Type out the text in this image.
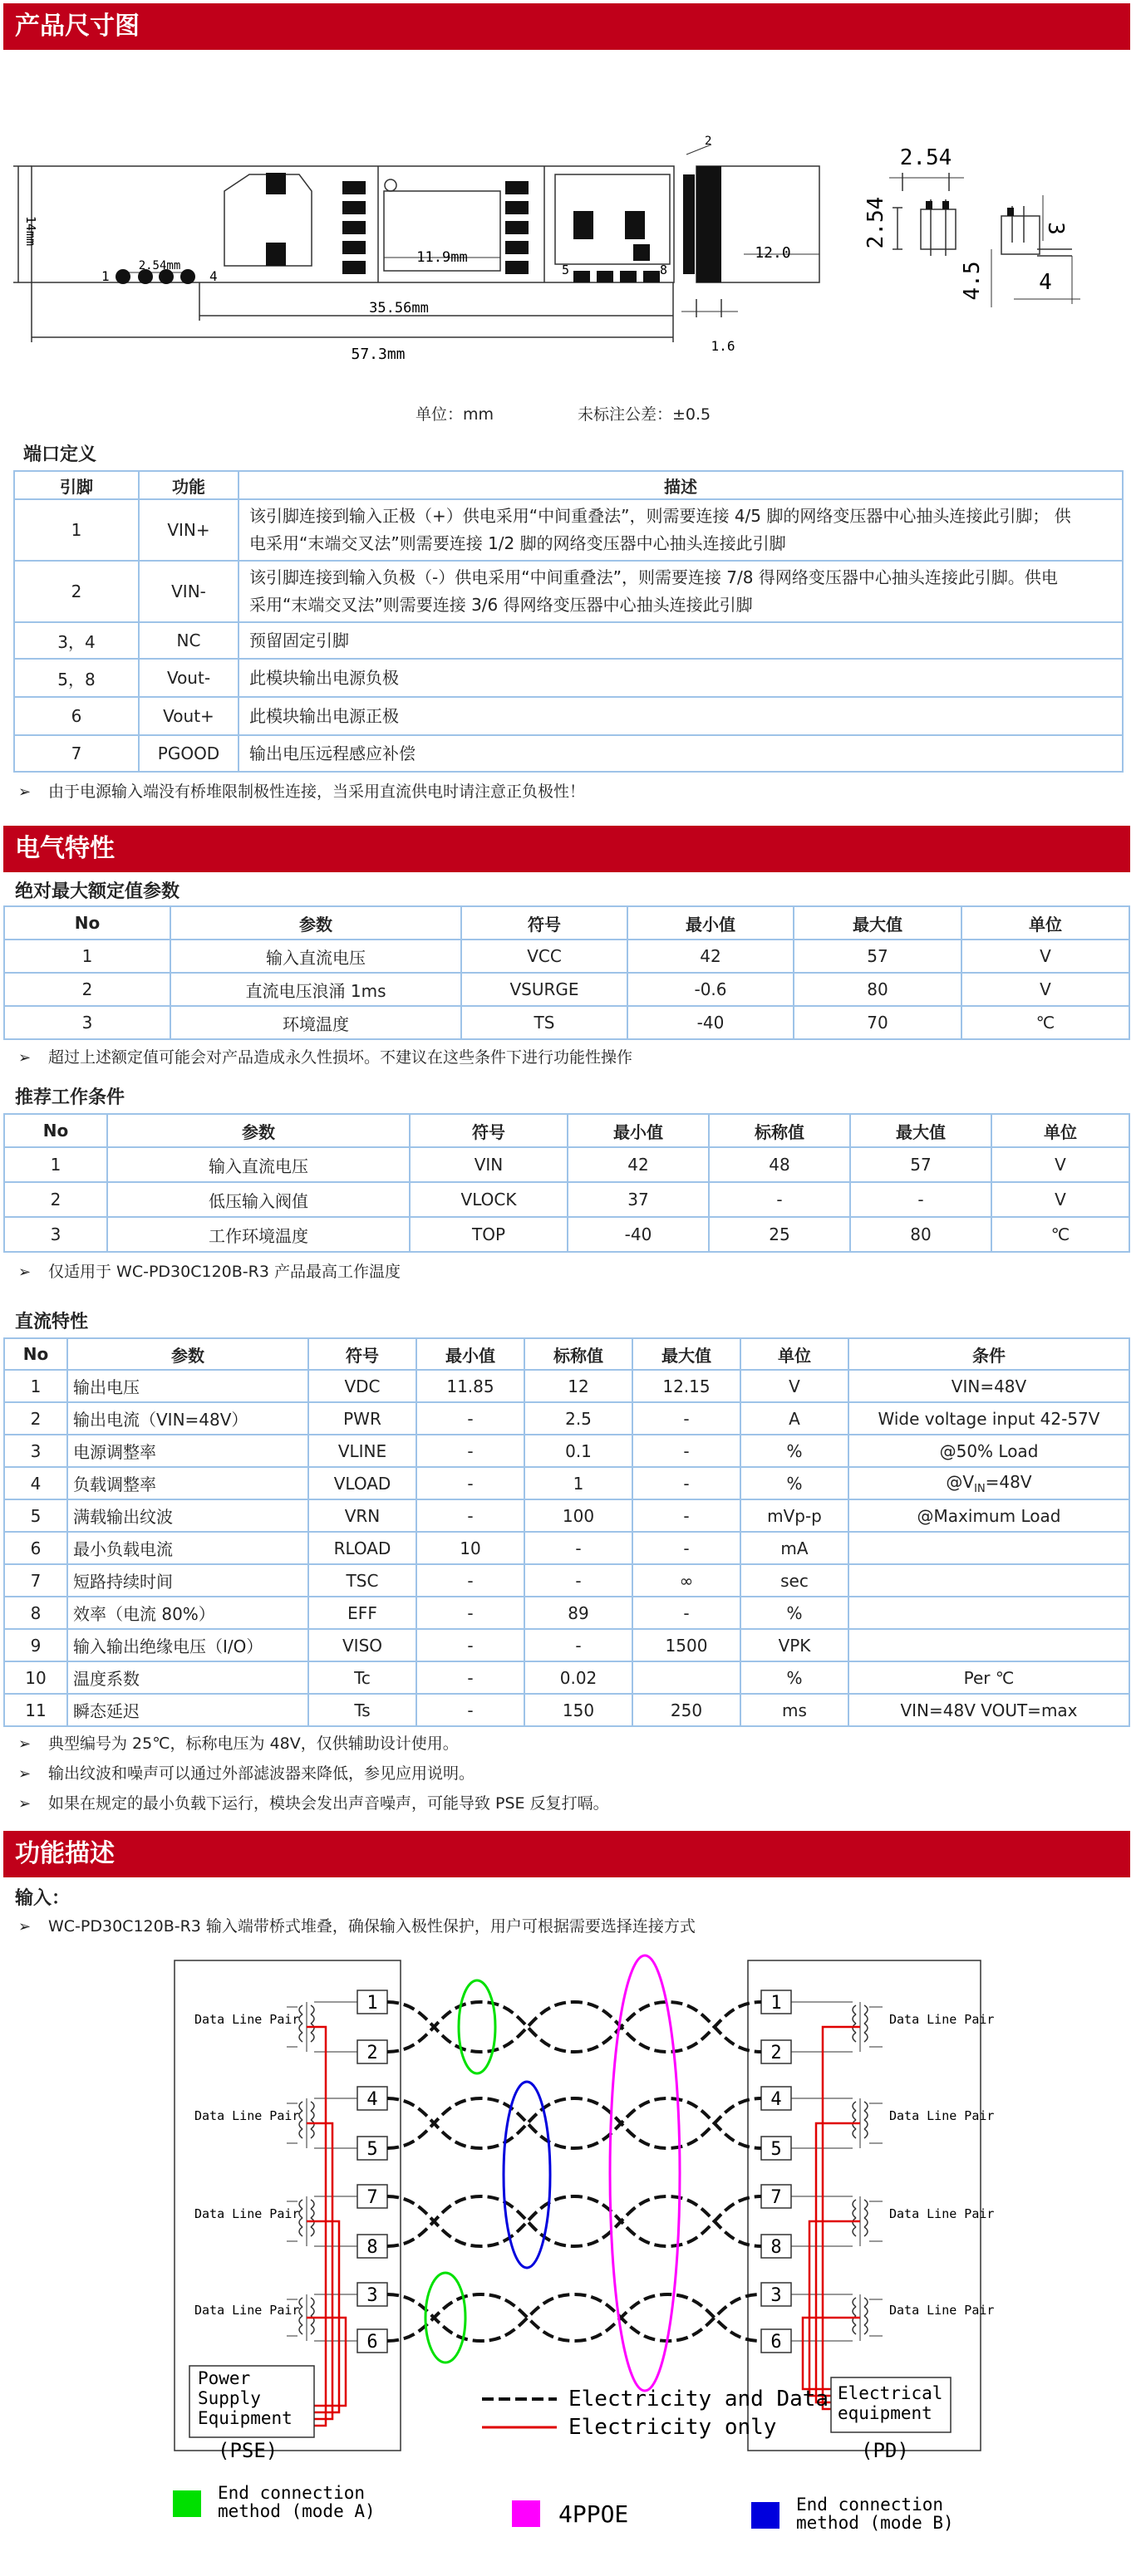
产品尺寸图
14mm
2.54mm
1	4
11.9mm
5	8
35.56mm
57.3mm
12.0
2
1.6
2.54
2.54	3
4.5	4
单位：mm	未标注公差：±0.5
端口定义
引脚	功能	描述
1	VIN+	该引脚连接到输入正极（+）供电采用“中间重叠法”，则需要连接 4/5 脚的网络变压器中心抽头连接此引脚； 供
电采用“末端交叉法”则需要连接 1/2 脚的网络变压器中心抽头连接此引脚

2	VIN-	该引脚连接到输入负极（-）供电采用“中间重叠法”，则需要连接 7/8 得网络变压器中心抽头连接此引脚。供电
采用“末端交叉法”则需要连接 3/6 得网络变压器中心抽头连接此引脚

3，4	NC	预留固定引脚
5，8	Vout-	此模块输出电源负极
6	Vout+	此模块输出电源正极
7	PGOOD	输出电压远程感应补偿
➢ 由于电源输入端没有桥堆限制极性连接，当采用直流供电时请注意正负极性！
电气特性
绝对最大额定值参数
No	参数	符号	最小值	最大值	单位
1	输入直流电压	VCC	42	57	V
2	直流电压浪涌 1ms	VSURGE	-0.6	80	V
3	环境温度	TS	-40	70	℃
➢ 超过上述额定值可能会对产品造成永久性损坏。不建议在这些条件下进行功能性操作
推荐工作条件
No	参数	符号	最小值	标称值	最大值	单位
1	输入直流电压	VIN	42	48	57	V
2	低压输入阀值	VLOCK	37	-	-	V
3	工作环境温度	TOP	-40	25	80	℃
➢ 仅适用于 WC-PD30C120B-R3 产品最高工作温度
直流特性
No	参数	符号	最小值	标称值	最大值	单位	条件
1	输出电压	VDC	11.85	12	12.15	V	VIN=48V
2	输出电流（VIN=48V）	PWR	-	2.5	-	A	Wide voltage input 42-57V
3	电源调整率	VLINE	-	0.1	-	%	@50% Load
4	负载调整率	VLOAD	-	1	-	%	$@V_{IN}=48V$
5	满载输出纹波	VRN	-	100	-	mVp-p	@Maximum Load
6	最小负载电流	RLOAD	10	-	-	mA	
7	短路持续时间	TSC	-	-	∞	sec	
8	效率（电流 80%）	EFF	-	89	-	%	
9	输入输出绝缘电压（I/O）	VISO	-	-	1500	VPK	
10	温度系数	Tc	-	0.02		%	Per ℃
11	瞬态延迟	Ts	-	150	250	ms	VIN=48V VOUT=max
➢ 典型编号为 25℃，标称电压为 48V，仅供辅助设计使用。
➢ 输出纹波和噪声可以通过外部滤波器来降低，参见应用说明。
➢ 如果在规定的最小负载下运行，模块会发出声音噪声，可能导致 PSE 反复打嗝。
功能描述
输入：
➢ WC-PD30C120B-R3 输入端带桥式堆叠，确保输入极性保护，用户可根据需要选择连接方式
1	1
2	2
4	4
5	5
7	7
8	8
3	3
6	6
Data Line Pair	Data Line Pair
Data Line Pair	Data Line Pair
Data Line Pair	Data Line Pair
Data Line Pair	Data Line Pair
Power
Supply
Equipment
(PSE)
Electrical
equipment
(PD)
Electricity and Data
Electricity only
End connection
method (mode A)	4PPOE	End connection
method (mode B)
